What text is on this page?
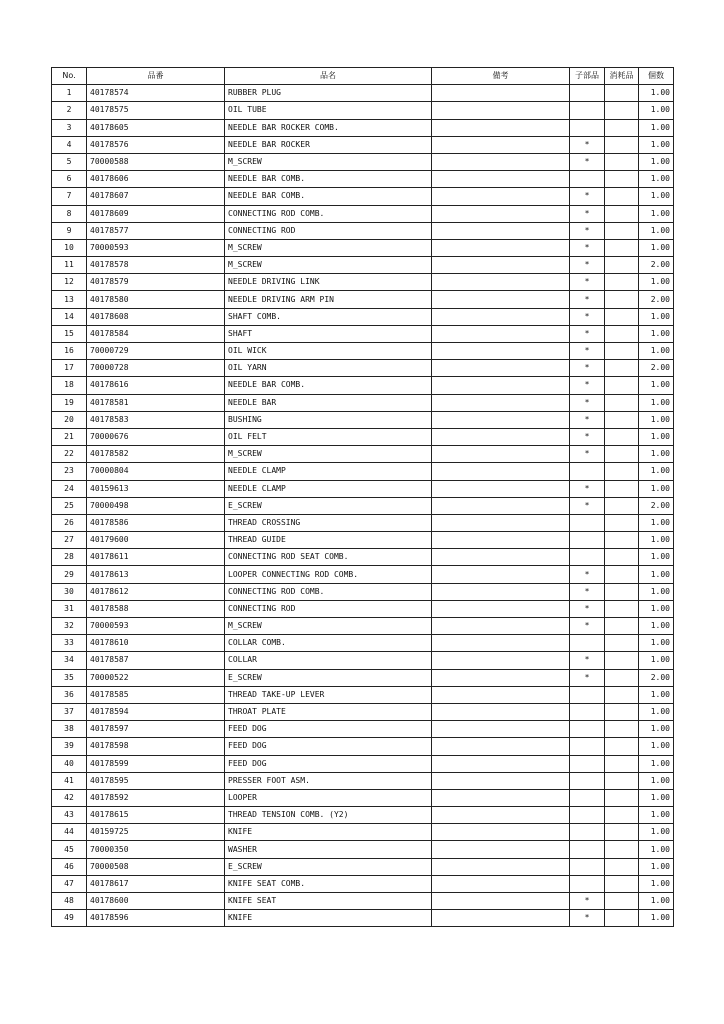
No.	品番	品名	備考	子部品	消耗品	個数
1	40178574	RUBBER PLUG				1.00
2	40178575	OIL TUBE				1.00
3	40178605	NEEDLE BAR ROCKER COMB.				1.00
4	40178576	NEEDLE BAR ROCKER		*		1.00
5	70000588	M_SCREW		*		1.00
6	40178606	NEEDLE BAR COMB.				1.00
7	40178607	NEEDLE BAR COMB.		*		1.00
8	40178609	CONNECTING ROD COMB.		*		1.00
9	40178577	CONNECTING ROD		*		1.00
10	70000593	M_SCREW		*		1.00
11	40178578	M_SCREW		*		2.00
12	40178579	NEEDLE DRIVING LINK		*		1.00
13	40178580	NEEDLE DRIVING ARM PIN		*		2.00
14	40178608	SHAFT COMB.		*		1.00
15	40178584	SHAFT		*		1.00
16	70000729	OIL WICK		*		1.00
17	70000728	OIL YARN		*		2.00
18	40178616	NEEDLE BAR COMB.		*		1.00
19	40178581	NEEDLE BAR		*		1.00
20	40178583	BUSHING		*		1.00
21	70000676	OIL FELT		*		1.00
22	40178582	M_SCREW		*		1.00
23	70000804	NEEDLE CLAMP				1.00
24	40159613	NEEDLE CLAMP		*		1.00
25	70000498	E_SCREW		*		2.00
26	40178586	THREAD CROSSING				1.00
27	40179600	THREAD GUIDE				1.00
28	40178611	CONNECTING ROD SEAT COMB.				1.00
29	40178613	LOOPER CONNECTING ROD COMB.		*		1.00
30	40178612	CONNECTING ROD COMB.		*		1.00
31	40178588	CONNECTING ROD		*		1.00
32	70000593	M_SCREW		*		1.00
33	40178610	COLLAR COMB.				1.00
34	40178587	COLLAR		*		1.00
35	70000522	E_SCREW		*		2.00
36	40178585	THREAD TAKE-UP LEVER				1.00
37	40178594	THROAT PLATE				1.00
38	40178597	FEED DOG				1.00
39	40178598	FEED DOG				1.00
40	40178599	FEED DOG				1.00
41	40178595	PRESSER FOOT ASM.				1.00
42	40178592	LOOPER				1.00
43	40178615	THREAD TENSION COMB. (Y2)				1.00
44	40159725	KNIFE				1.00
45	70000350	WASHER				1.00
46	70000508	E_SCREW				1.00
47	40178617	KNIFE SEAT COMB.				1.00
48	40178600	KNIFE SEAT		*		1.00
49	40178596	KNIFE		*		1.00
